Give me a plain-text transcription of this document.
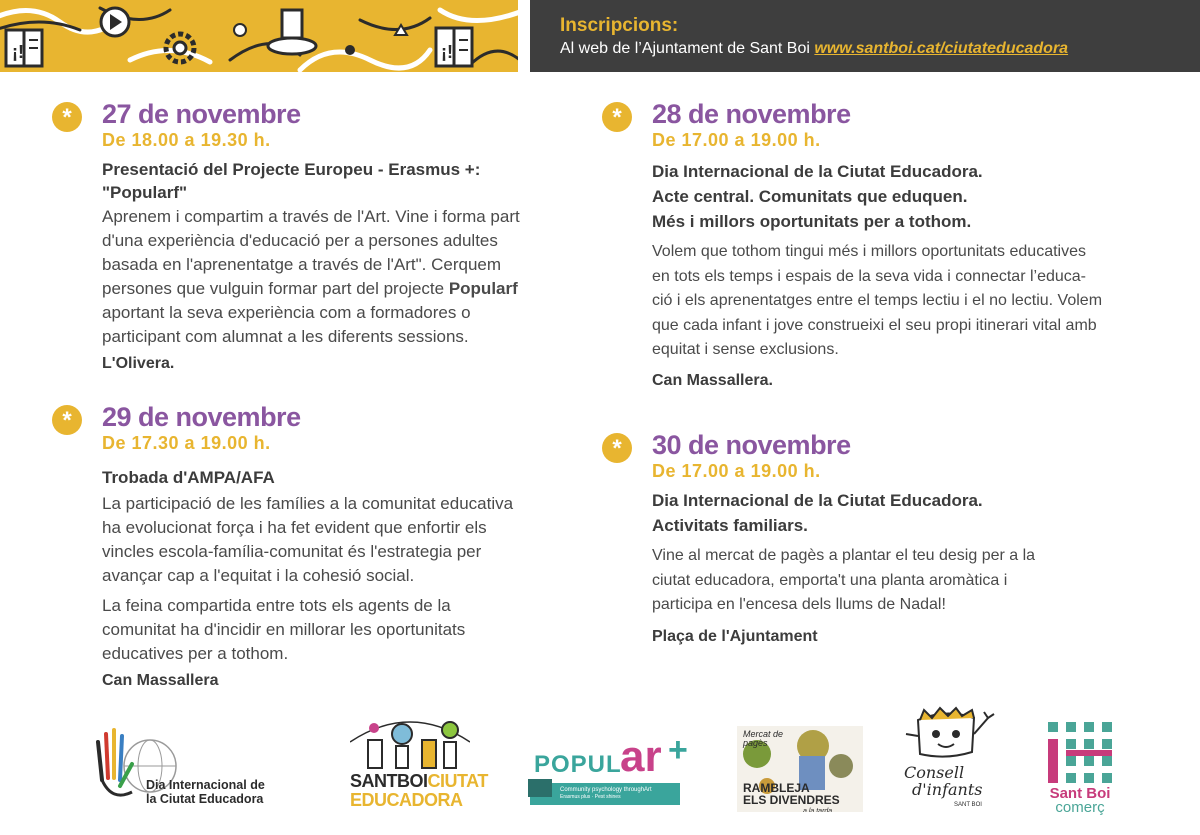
¡!	¡!
Inscripcions:
Al web de l’Ajuntament de Sant Boi www.santboi.cat/ciutateducadora
*	27 de novembre
De 18.00 a 19.30 h.
Presentació del Projecte Europeu - Erasmus +:
"Popularf"
Aprenem i compartim a través de l'Art. Vine i forma part
d'una experiència d'educació per a persones adultes
basada en l'aprenentatge a través de l'Art". Cerquem
persones que vulguin formar part del projecte Popularf
aportant la seva experiència com a formadores o
participant com alumnat a les diferents sessions.
L'Olivera.
*	29 de novembre
De 17.30 a 19.00 h.
Trobada d'AMPA/AFA
La participació de les famílies a la comunitat educativa
ha evolucionat força i ha fet evident que enfortir els
vincles escola-família-comunitat és l'estrategia per
avançar cap a l'equitat i la cohesió social.
La feina compartida entre tots els agents de la
comunitat ha d'incidir en millorar les oportunitats
educatives per a tothom.
Can Massallera
*	28 de novembre
De 17.00 a 19.00 h.
Dia Internacional de la Ciutat Educadora.
Acte central. Comunitats que eduquen.
Més i millors oportunitats per a tothom.
Volem que tothom tingui més i millors oportunitats educatives
en tots els temps i espais de la seva vida i connectar l’educa-
ció i els aprenentatges entre el temps lectiu i el no lectiu. Volem
que cada infant i jove construeixi el seu propi itinerari vital amb
equitat i sense exclusions.
Can Massallera.
*	30 de novembre
De 17.00 a 19.00 h.
Dia Internacional de la Ciutat Educadora.
Activitats familiars.
Vine al mercat de pagès a plantar el teu desig per a la
ciutat educadora, emporta't una planta aromàtica i
participa en l'encesa dels llums de Nadal!
Plaça de l'Ajuntament
Dia Internacional de
la Ciutat Educadora
SANTBOICIUTAT
EDUCADORA
POPUL
ar +
Community psychology throughArt
Erasmus plus · Pest shines
Mercat de
pagès
RAMBLEJA
ELS DIVENDRES
a la tarda
Consell
d'infants
SANT BOI
Sant Boi
comerç
